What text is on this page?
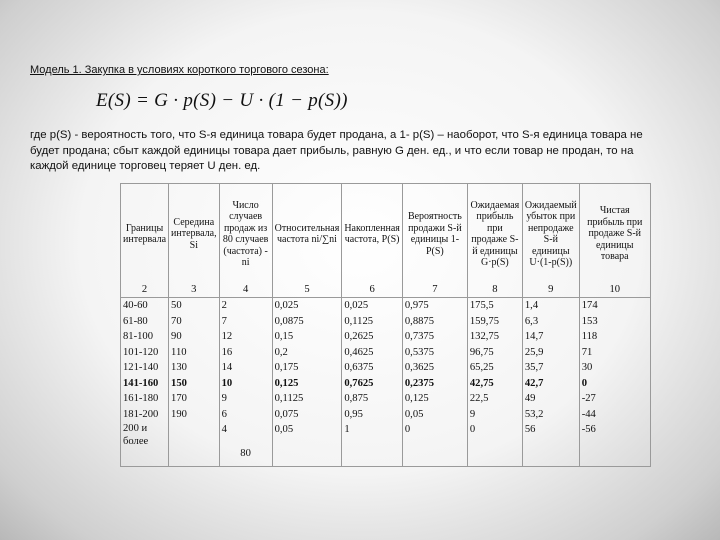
Модель 1. Закупка в условиях короткого торгового сезона:
E(S) = G · p(S) − U · (1 − p(S))
где p(S) - вероятность того, что S-я единица товара будет продана, а 1- p(S) – наоборот, что S-я единица товара не будет продана; сбыт каждой единицы товара дает прибыль, равную G ден. ед., и что если товар не продан, то на каждой единице торговец теряет U ден. ед.
Границы интервала	Середина интервала, Si	Число случаев продаж из 80 случаев (частота) - ni	Относительная частота ni/∑ni	Накопленная частота, P(S)	Вероятность продажи S-й единицы 1-P(S)	Ожидаемая прибыль при продаже S-й единицы G·p(S)	Ожидаемый убыток при непродаже S-й единицы U·(1-p(S))	Чистая прибыль при продаже S-й единицы товара
2	3	4	5	6	7	8	9	10
40-60	50	2	0,025	0,025	0,975	175,5	1,4	174
61-80	70	7	0,0875	0,1125	0,8875	159,75	6,3	153
81-100	90	12	0,15	0,2625	0,7375	132,75	14,7	118
101-120	110	16	0,2	0,4625	0,5375	96,75	25,9	71
121-140	130	14	0,175	0,6375	0,3625	65,25	35,7	30
141-160	150	10	0,125	0,7625	0,2375	42,75	42,7	0
161-180	170	9	0,1125	0,875	0,125	22,5	49	-27
181-200	190	6	0,075	0,95	0,05	9	53,2	-44
200 и более		4	0,05	1	0	0	56	-56
		80						
